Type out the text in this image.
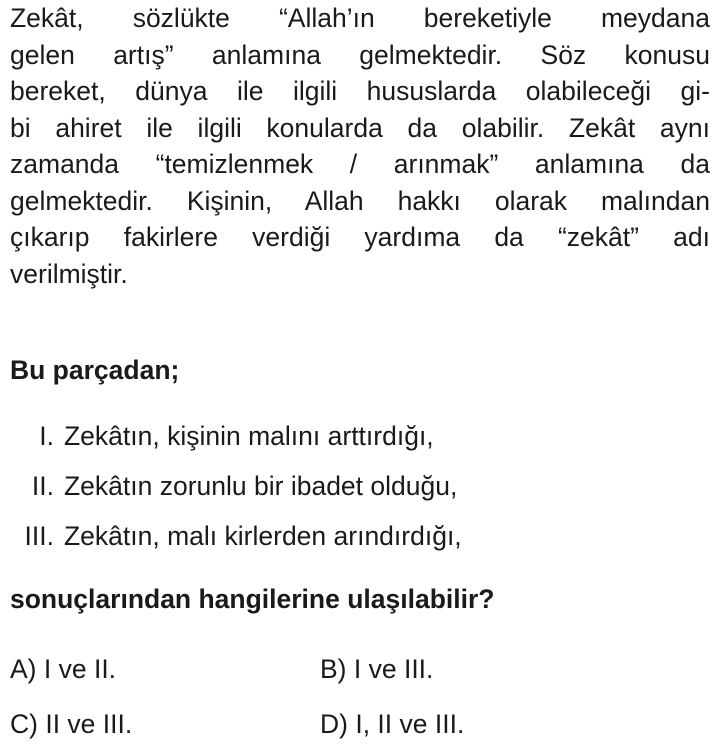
Zekât, sözlükte “Allah’ın bereketiyle meydana
gelen artış” anlamına gelmektedir. Söz konusu
bereket, dünya ile ilgili hususlarda olabileceği gi-
bi ahiret ile ilgili konularda da olabilir. Zekât aynı
zamanda “temizlenmek / arınmak” anlamına da
gelmektedir. Kişinin, Allah hakkı olarak malından
çıkarıp fakirlere verdiği yardıma da “zekât” adı
verilmiştir.
Bu parçadan;
I. Zekâtın, kişinin malını arttırdığı,
II. Zekâtın zorunlu bir ibadet olduğu,
III. Zekâtın, malı kirlerden arındırdığı,
sonuçlarından hangilerine ulaşılabilir?
A) I ve II.	B) I ve III.
C) II ve III.	D) I, II ve III.
